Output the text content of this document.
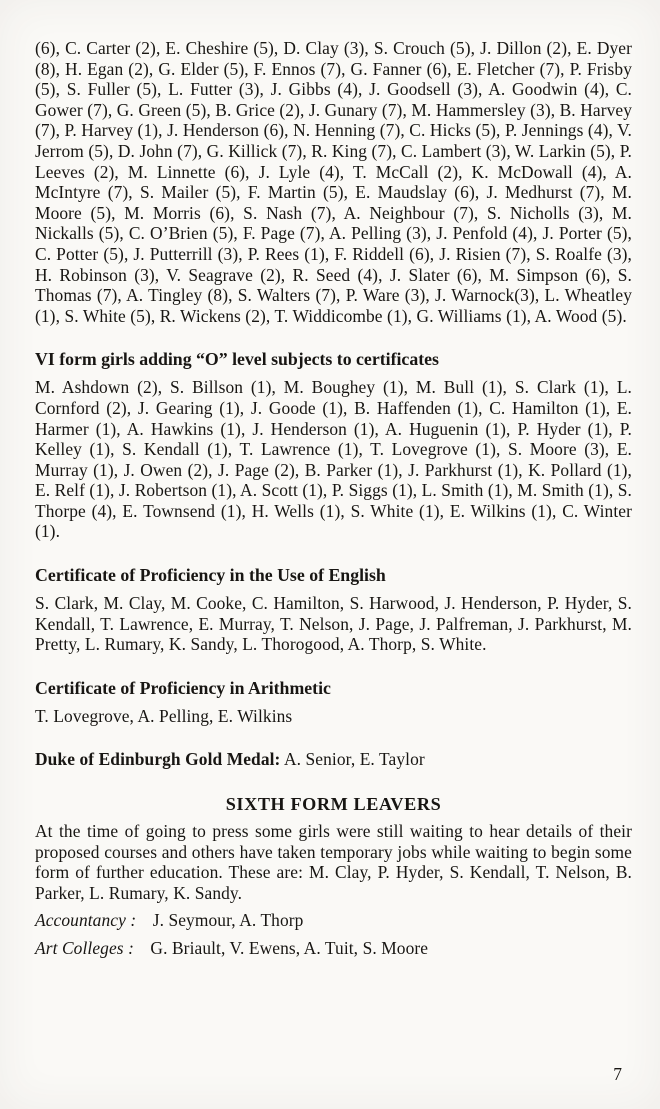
(6), C. Carter (2), E. Cheshire (5), D. Clay (3), S. Crouch (5), J. Dillon (2), E. Dyer (8), H. Egan (2), G. Elder (5), F. Ennos (7), G. Fanner (6), E. Fletcher (7), P. Frisby (5), S. Fuller (5), L. Futter (3), J. Gibbs (4), J. Goodsell (3), A. Goodwin (4), C. Gower (7), G. Green (5), B. Grice (2), J. Gunary (7), M. Hammersley (3), B. Harvey (7), P. Harvey (1), J. Henderson (6), N. Henning (7), C. Hicks (5), P. Jennings (4), V. Jerrom (5), D. John (7), G. Killick (7), R. King (7), C. Lambert (3), W. Larkin (5), P. Leeves (2), M. Linnette (6), J. Lyle (4), T. McCall (2), K. McDowall (4), A. McIntyre (7), S. Mailer (5), F. Martin (5), E. Maudslay (6), J. Medhurst (7), M. Moore (5), M. Morris (6), S. Nash (7), A. Neighbour (7), S. Nicholls (3), M. Nickalls (5), C. O’Brien (5), F. Page (7), A. Pelling (3), J. Penfold (4), J. Porter (5), C. Potter (5), J. Putterrill (3), P. Rees (1), F. Riddell (6), J. Risien (7), S. Roalfe (3), H. Robinson (3), V. Seagrave (2), R. Seed (4), J. Slater (6), M. Simpson (6), S. Thomas (7), A. Tingley (8), S. Walters (7), P. Ware (3), J. Warnock(3), L. Wheatley (1), S. White (5), R. Wickens (2), T. Widdicombe (1), G. Williams (1), A. Wood (5).

VI form girls adding “O” level subjects to certificates

M. Ashdown (2), S. Billson (1), M. Boughey (1), M. Bull (1), S. Clark (1), L. Cornford (2), J. Gearing (1), J. Goode (1), B. Haffenden (1), C. Hamilton (1), E. Harmer (1), A. Hawkins (1), J. Henderson (1), A. Huguenin (1), P. Hyder (1), P. Kelley (1), S. Kendall (1), T. Lawrence (1), T. Lovegrove (1), S. Moore (3), E. Murray (1), J. Owen (2), J. Page (2), B. Parker (1), J. Parkhurst (1), K. Pollard (1), E. Relf (1), J. Robertson (1), A. Scott (1), P. Siggs (1), L. Smith (1), M. Smith (1), S. Thorpe (4), E. Townsend (1), H. Wells (1), S. White (1), E. Wilkins (1), C. Winter (1).

Certificate of Proficiency in the Use of English

S. Clark, M. Clay, M. Cooke, C. Hamilton, S. Harwood, J. Henderson, P. Hyder, S. Kendall, T. Lawrence, E. Murray, T. Nelson, J. Page, J. Palfreman, J. Parkhurst, M. Pretty, L. Rumary, K. Sandy, L. Thorogood, A. Thorp, S. White.

Certificate of Proficiency in Arithmetic

T. Lovegrove, A. Pelling, E. Wilkins

Duke of Edinburgh Gold Medal: A. Senior, E. Taylor

SIXTH FORM LEAVERS

At the time of going to press some girls were still waiting to hear details of their proposed courses and others have taken temporary jobs while waiting to begin some form of further education. These are: M. Clay, P. Hyder, S. Kendall, T. Nelson, B. Parker, L. Rumary, K. Sandy.

Accountancy : J. Seymour, A. Thorp

Art Colleges : G. Briault, V. Ewens, A. Tuit, S. Moore

7
